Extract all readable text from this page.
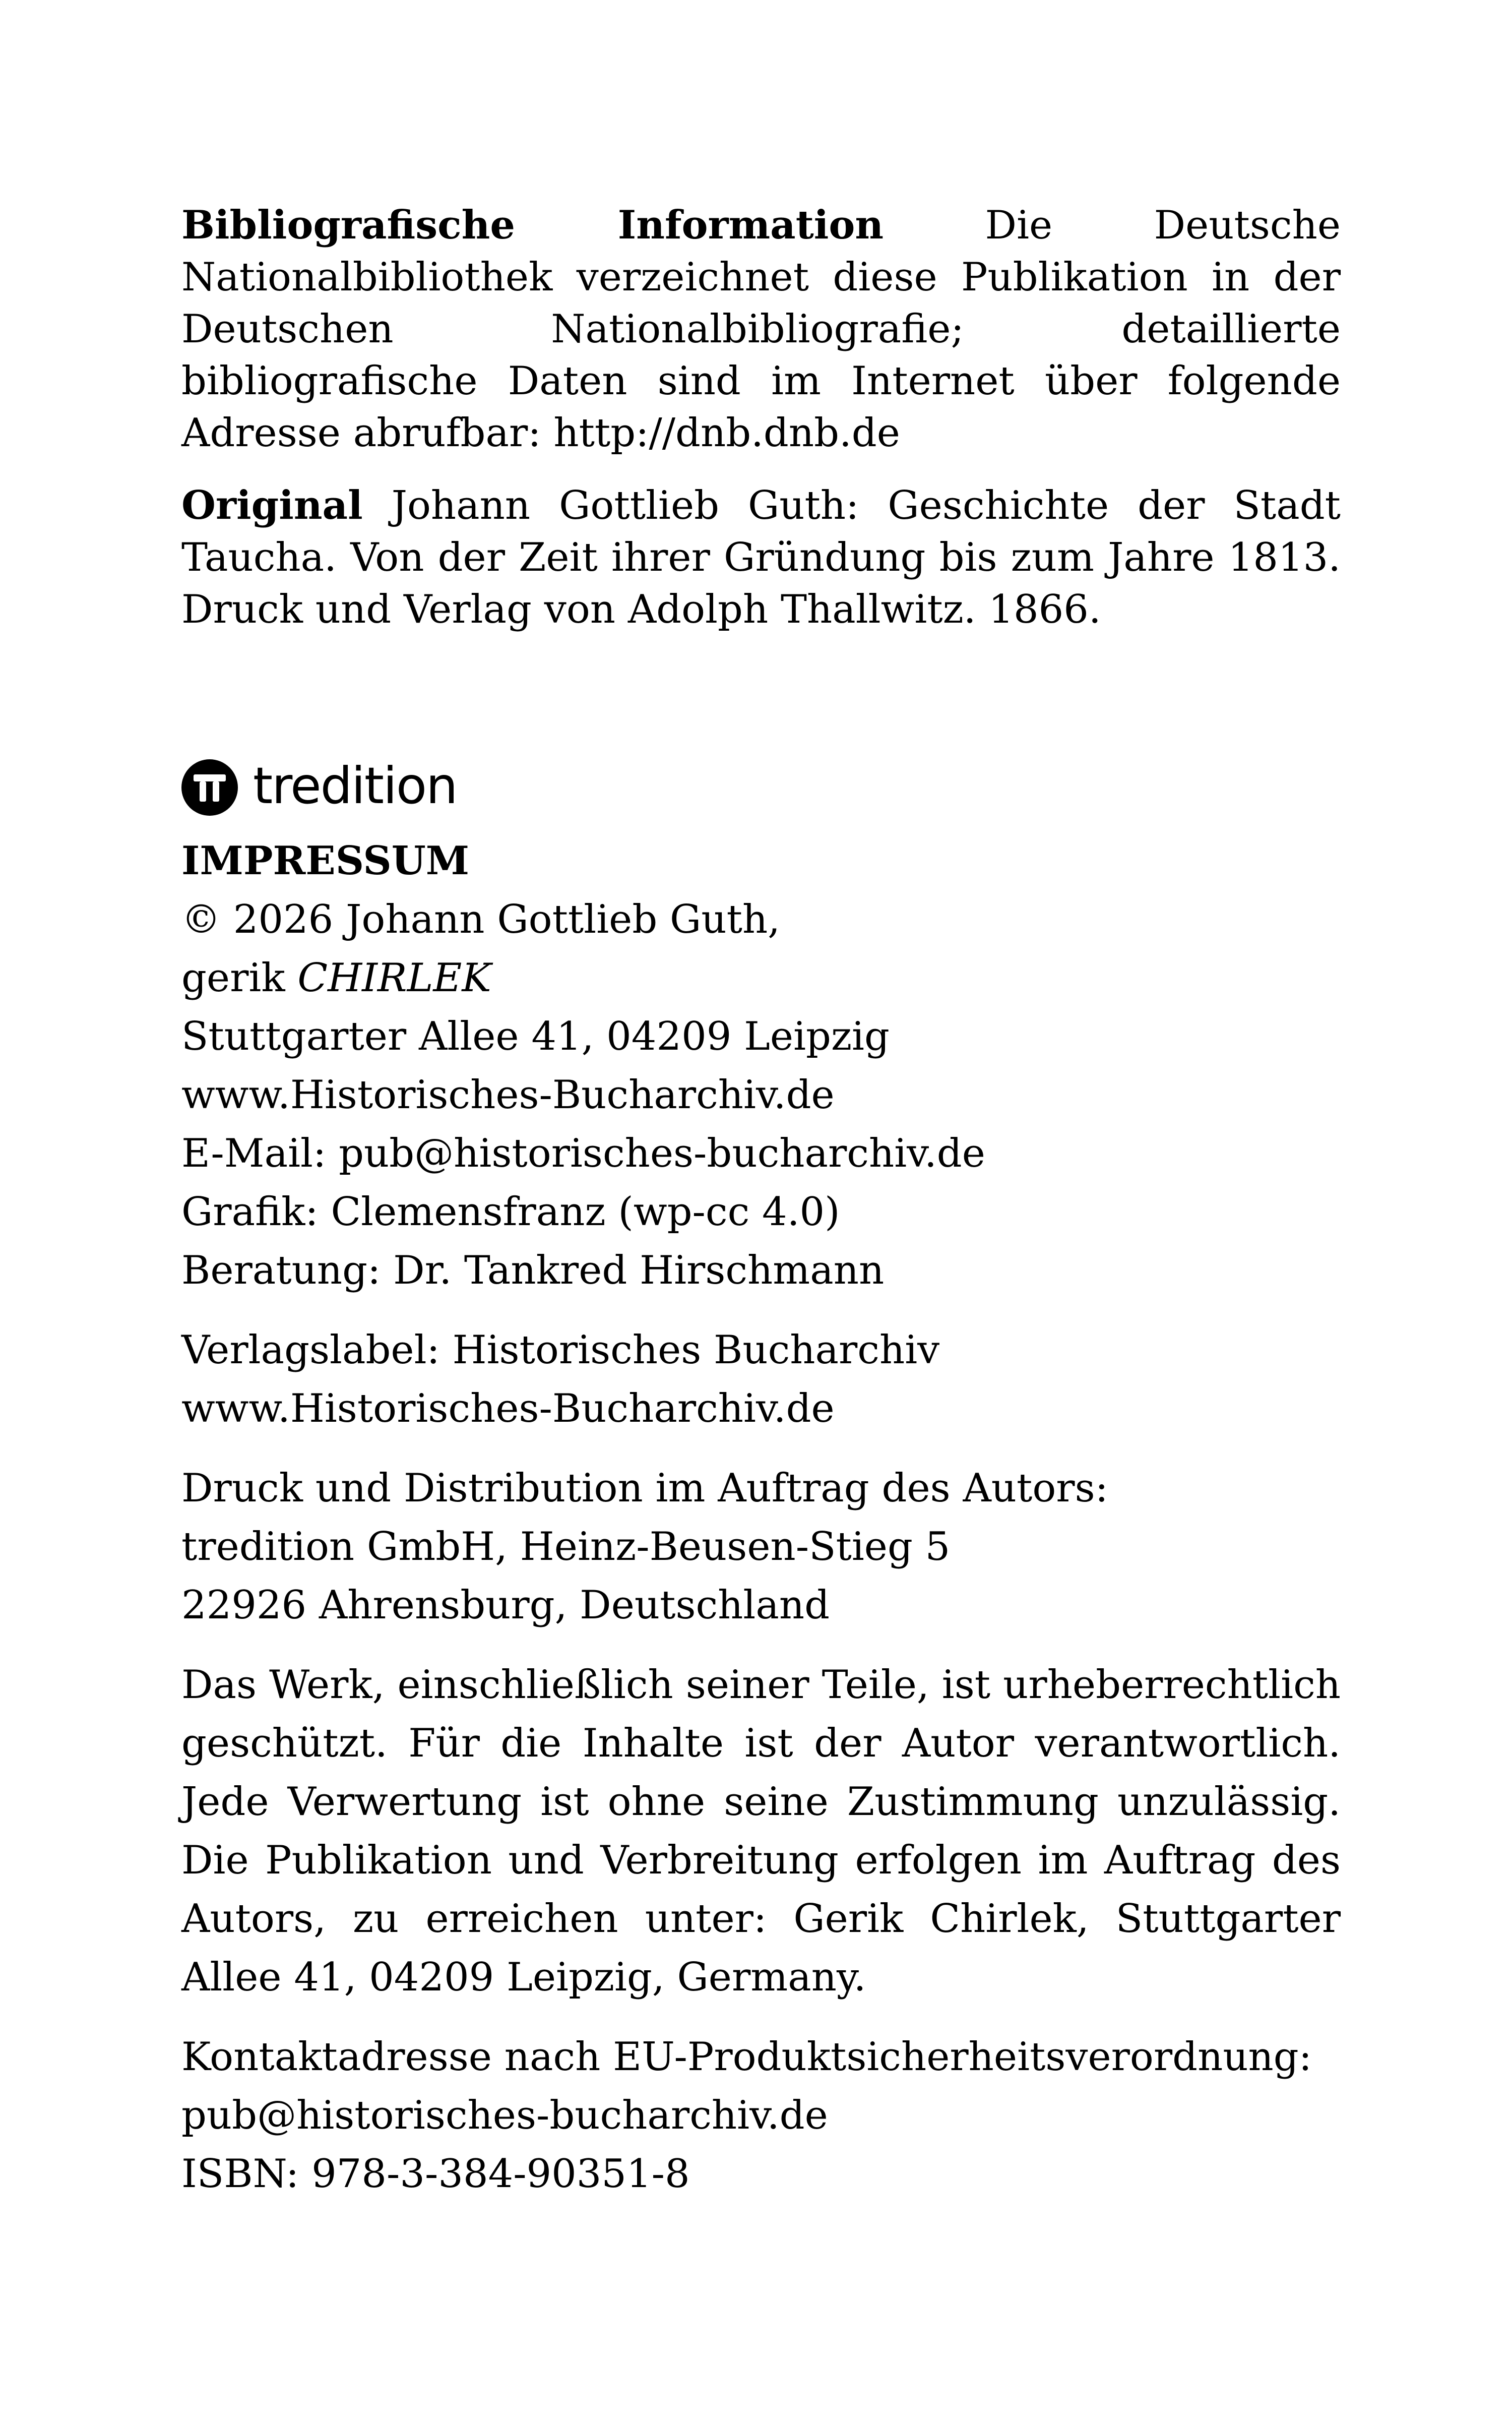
Bibliografische Information	Die Deutsche Nationalbibliothek verzeichnet diese Publikation in der Deutschen Nationalbibliografie; detaillierte bibliografische Daten sind im Internet über folgende Adresse abrufbar: http://dnb.dnb.de

Original Johann Gottlieb Guth: Geschichte der Stadt Taucha. Von der Zeit ihrer Gründung bis zum Jahre 1813. Druck und Verlag von Adolph Thallwitz. 1866.

tredition

IMPRESSUM

© 2026 Johann Gottlieb Guth,

gerik CHIRLEK

Stuttgarter Allee 41, 04209 Leipzig

www.Historisches-Bucharchiv.de

E-Mail: pub@historisches-bucharchiv.de

Grafik: Clemensfranz (wp-cc 4.0)

Beratung: Dr. Tankred Hirschmann

Verlagslabel: Historisches Bucharchiv

www.Historisches-Bucharchiv.de

Druck und Distribution im Auftrag des Autors:

tredition GmbH, Heinz-Beusen-Stieg 5

22926 Ahrensburg, Deutschland

Das Werk, einschließlich seiner Teile, ist urheberrechtlich geschützt. Für die Inhalte ist der Autor verantwortlich. Jede Verwertung ist ohne seine Zustimmung unzulässig. Die Publikation und Verbreitung erfolgen im Auftrag des Autors, zu erreichen unter: Gerik Chirlek, Stuttgarter Allee 41, 04209 Leipzig, Germany.

Kontaktadresse nach EU-Produktsicherheitsverordnung:

pub@historisches-bucharchiv.de

ISBN: 978-3-384-90351-8
